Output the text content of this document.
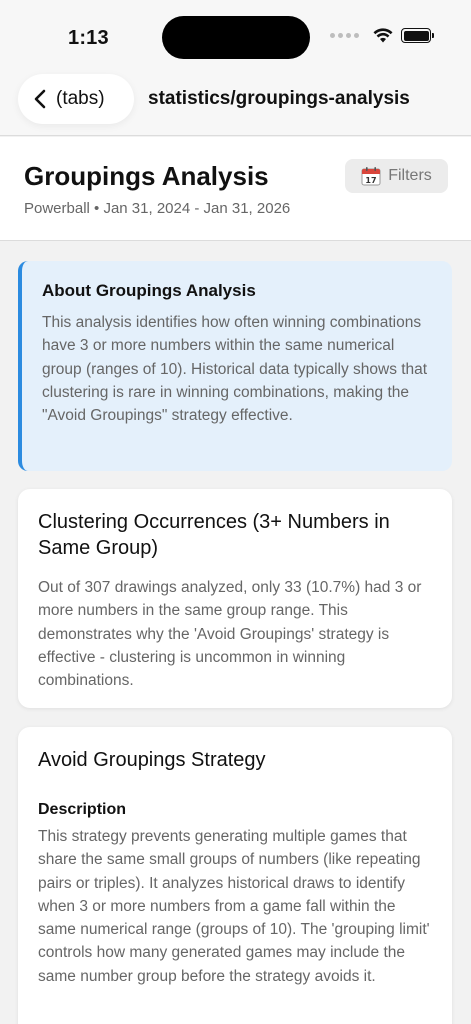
1:13
(tabs) statistics/groupings-analysis
Groupings Analysis
Powerball • Jan 31, 2024 - Jan 31, 2026
17 Filters
About Groupings Analysis
This analysis identifies how often winning combinations have 3 or more numbers within the same numerical group (ranges of 10). Historical data typically shows that clustering is rare in winning combinations, making the "Avoid Groupings" strategy effective.
Clustering Occurrences (3+ Numbers in Same Group)
Out of 307 drawings analyzed, only 33 (10.7%) had 3 or more numbers in the same group range. This demonstrates why the 'Avoid Groupings' strategy is effective - clustering is uncommon in winning combinations.
Avoid Groupings Strategy
Description
This strategy prevents generating multiple games that share the same small groups of numbers (like repeating pairs or triples). It analyzes historical draws to identify when 3 or more numbers from a game fall within the same numerical range (groups of 10). The 'grouping limit' controls how many generated games may include the same number group before the strategy avoids it.
